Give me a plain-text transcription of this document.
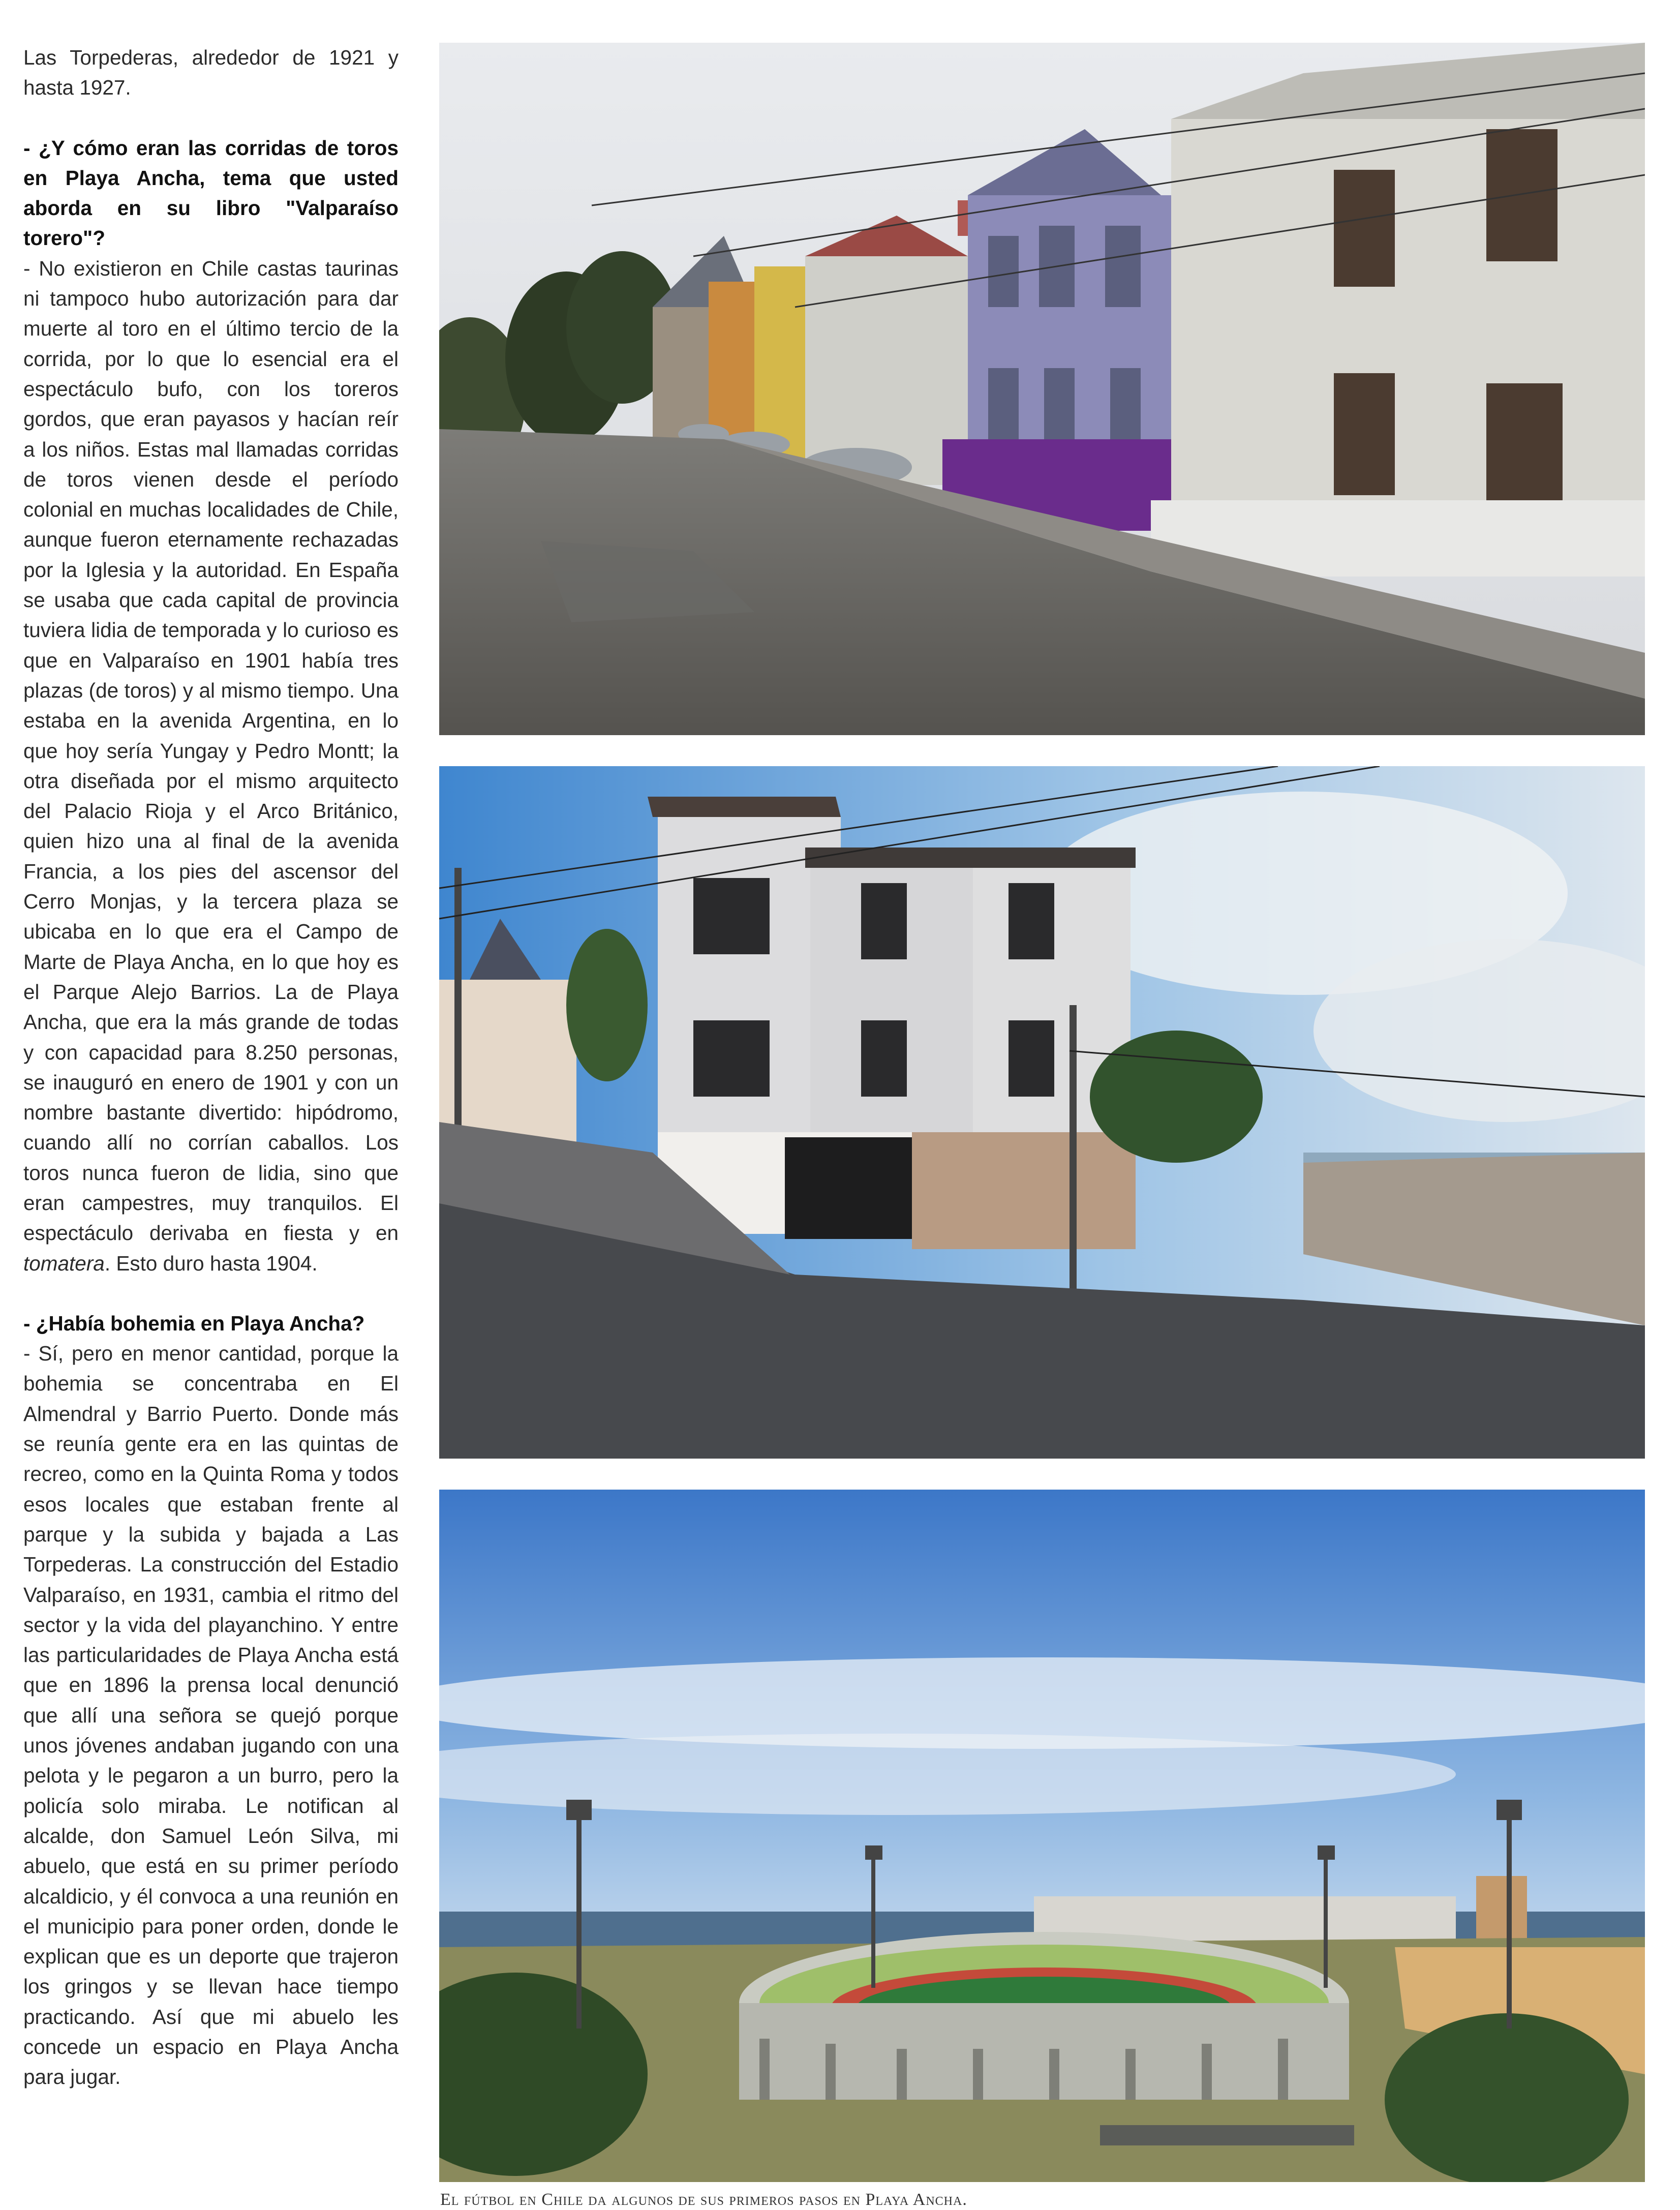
Las Torpederas, alrededor de 1921 y hasta 1927.

- ¿Y cómo eran las corridas de toros en Playa Ancha, tema que usted aborda en su libro "Valparaíso torero"?

- No existieron en Chile castas taurinas ni tampoco hubo autorización para dar muerte al toro en el último tercio de la corrida, por lo que lo esencial era el espectáculo bufo, con los toreros gordos, que eran payasos y hacían reír a los niños. Estas mal llamadas corridas de toros vienen desde el período colonial en muchas localidades de Chile, aunque fueron eternamente rechazadas por la Iglesia y la autoridad. En España se usaba que cada capital de provincia tuviera lidia de temporada y lo curioso es que en Valparaíso en 1901 había tres plazas (de toros) y al mismo tiempo. Una estaba en la avenida Argentina, en lo que hoy sería Yungay y Pedro Montt; la otra diseñada por el mismo arquitecto del Palacio Rioja y el Arco Británico, quien hizo una al final de la avenida Francia, a los pies del ascensor del Cerro Monjas, y la tercera plaza se ubicaba en lo que era el Campo de Marte de Playa Ancha, en lo que hoy es el Parque Alejo Barrios. La de Playa Ancha, que era la más grande de todas y con capacidad para 8.250 personas, se inauguró en enero de 1901 y con un nombre bastante divertido: hipódromo, cuando allí no corrían caballos. Los toros nunca fueron de lidia, sino que eran campestres, muy tranquilos. El espectáculo derivaba en fiesta y en tomatera. Esto duro hasta 1904.

- ¿Había bohemia en Playa Ancha?

- Sí, pero en menor cantidad, porque la bohemia se concentraba en El Almendral y Barrio Puerto. Donde más se reunía gente era en las quintas de recreo, como en la Quinta Roma y todos esos locales que estaban frente al parque y la subida y bajada a Las Torpederas. La construcción del Estadio Valparaíso, en 1931, cambia el ritmo del sector y la vida del playanchino. Y entre las particularidades de Playa Ancha está que en 1896 la prensa local denunció que allí una señora se quejó porque unos jóvenes andaban jugando con una pelota y le pegaron a un burro, pero la policía solo miraba. Le notifican al alcalde, don Samuel León Silva, mi abuelo, que está en su primer período alcaldicio, y él convoca a una reunión en el municipio para poner orden, donde le explican que es un deporte que trajeron los gringos y se llevan hace tiempo practicando. Así que mi abuelo les concede un espacio en Playa Ancha para jugar.

El fútbol en Chile da algunos de sus primeros pasos en Playa Ancha.
